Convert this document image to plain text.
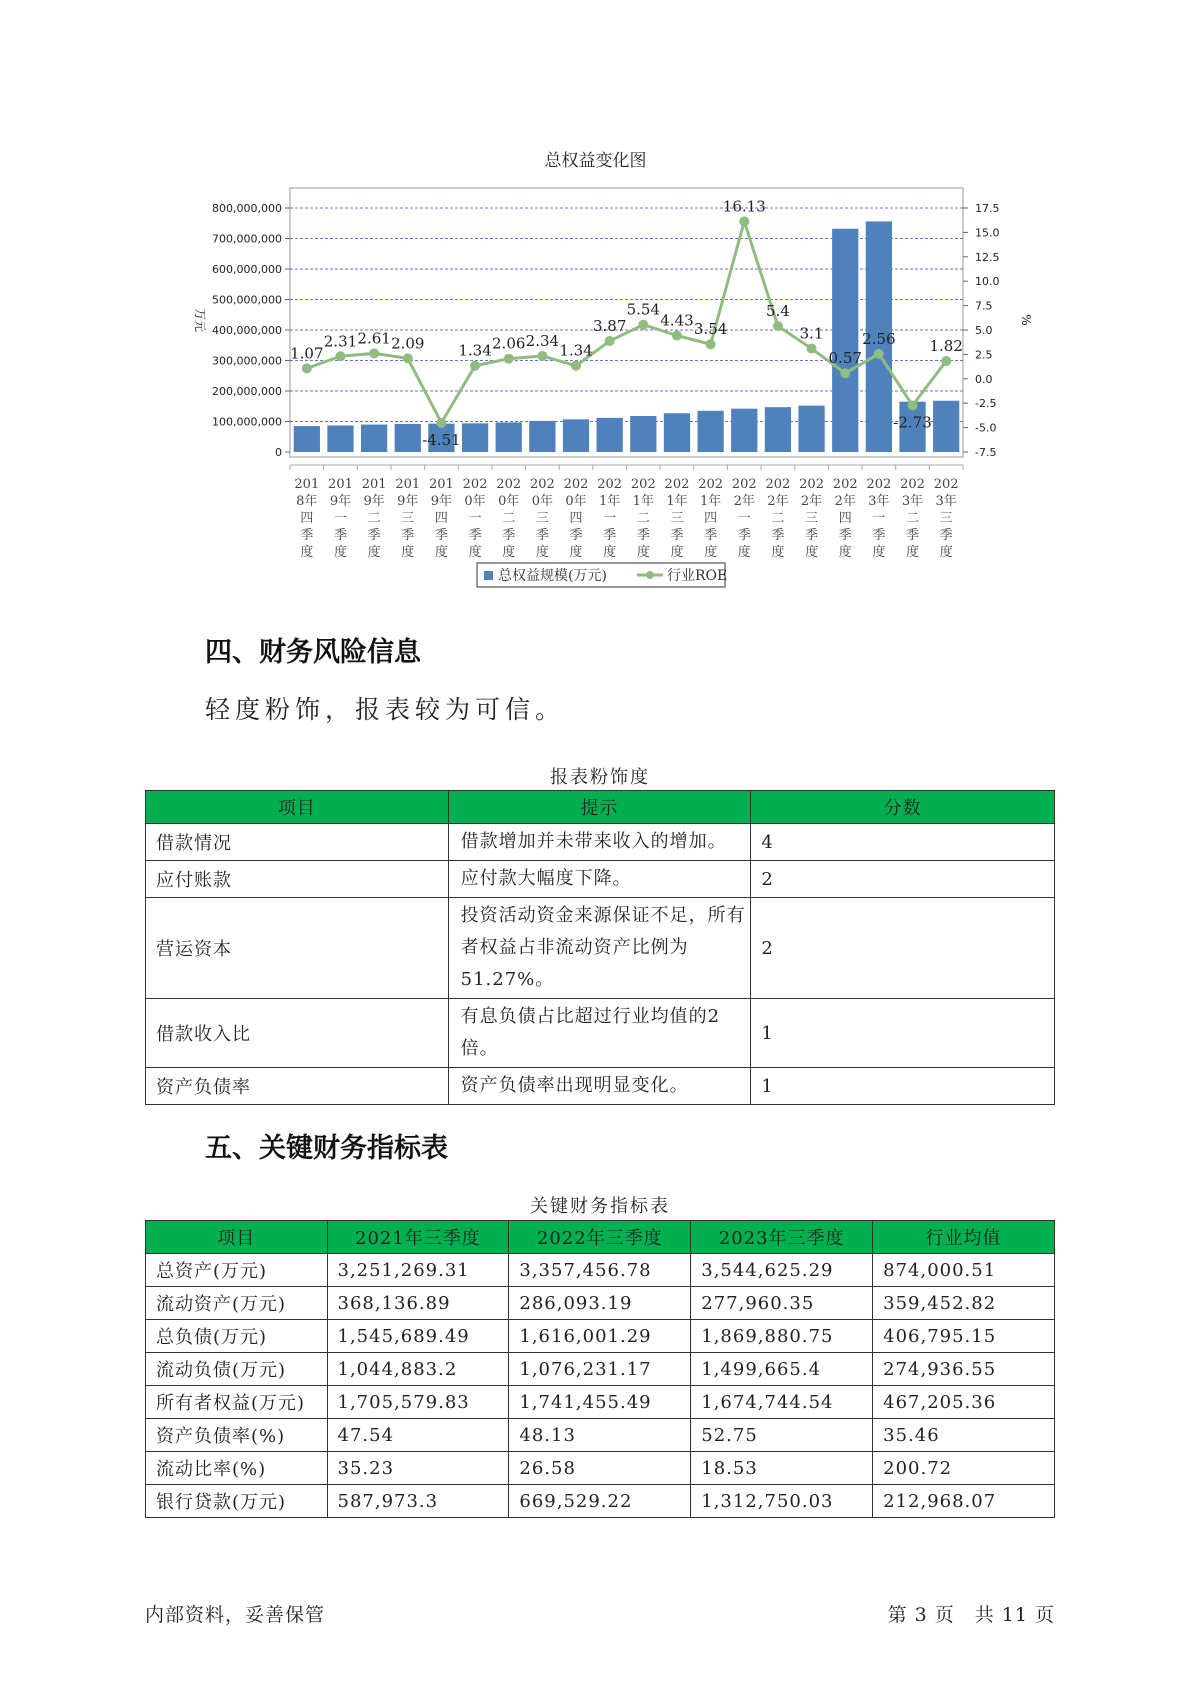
总权益变化图
800,000,000
700,000,000
600,000,000
500,000,000
400,000,000
300,000,000
200,000,000
100,000,000
0
17.5
15.0
12.5
10.0
7.5
5.0
2.5
0.0
-2.5
-5.0
-7.5
万元	%
201
8年
四
季
度
201
9年
一
季
度
201
9年
二
季
度
201
9年
三
季
度
201
9年
四
季
度
202
0年
一
季
度
202
0年
二
季
度
202
0年
三
季
度
202
0年
四
季
度
202
1年
一
季
度
202
1年
二
季
度
202
1年
三
季
度
202
1年
四
季
度
202
2年
一
季
度
202
2年
二
季
度
202
2年
三
季
度
202
2年
四
季
度
202
3年
一
季
度
202
3年
二
季
度
202
3年
三
季
度
1.07
2.31 2.61 2.09
-4.51
1.34 2.06 2.34
1.34
3.87
5.54
4.43 3.54
16.13
5.4
3.1
0.57
2.56
-2.73
1.82
总权益规模(万元)	行业ROE
四、财务风险信息
轻度粉饰，报表较为可信。
报表粉饰度
项目	提示	分数
借款情况	借款增加并未带来收入的增加。	4
应付账款	应付款大幅度下降。	2
营运资本	投资活动资金来源保证不足，所有者权益占非流动资产比例为51.27%。	2
借款收入比	有息负债占比超过行业均值的2倍。	1
资产负债率	资产负债率出现明显变化。	1
五、关键财务指标表
关键财务指标表
项目	2021年三季度	2022年三季度	2023年三季度	行业均值
总资产(万元)	3,251,269.31	3,357,456.78	3,544,625.29	874,000.51
流动资产(万元)	368,136.89	286,093.19	277,960.35	359,452.82
总负债(万元)	1,545,689.49	1,616,001.29	1,869,880.75	406,795.15
流动负债(万元)	1,044,883.2	1,076,231.17	1,499,665.4	274,936.55
所有者权益(万元)	1,705,579.83	1,741,455.49	1,674,744.54	467,205.36
资产负债率(%)	47.54	48.13	52.75	35.46
流动比率(%)	35.23	26.58	18.53	200.72
银行贷款(万元)	587,973.3	669,529.22	1,312,750.03	212,968.07
内部资料，妥善保管	第 3 页　共 11 页
